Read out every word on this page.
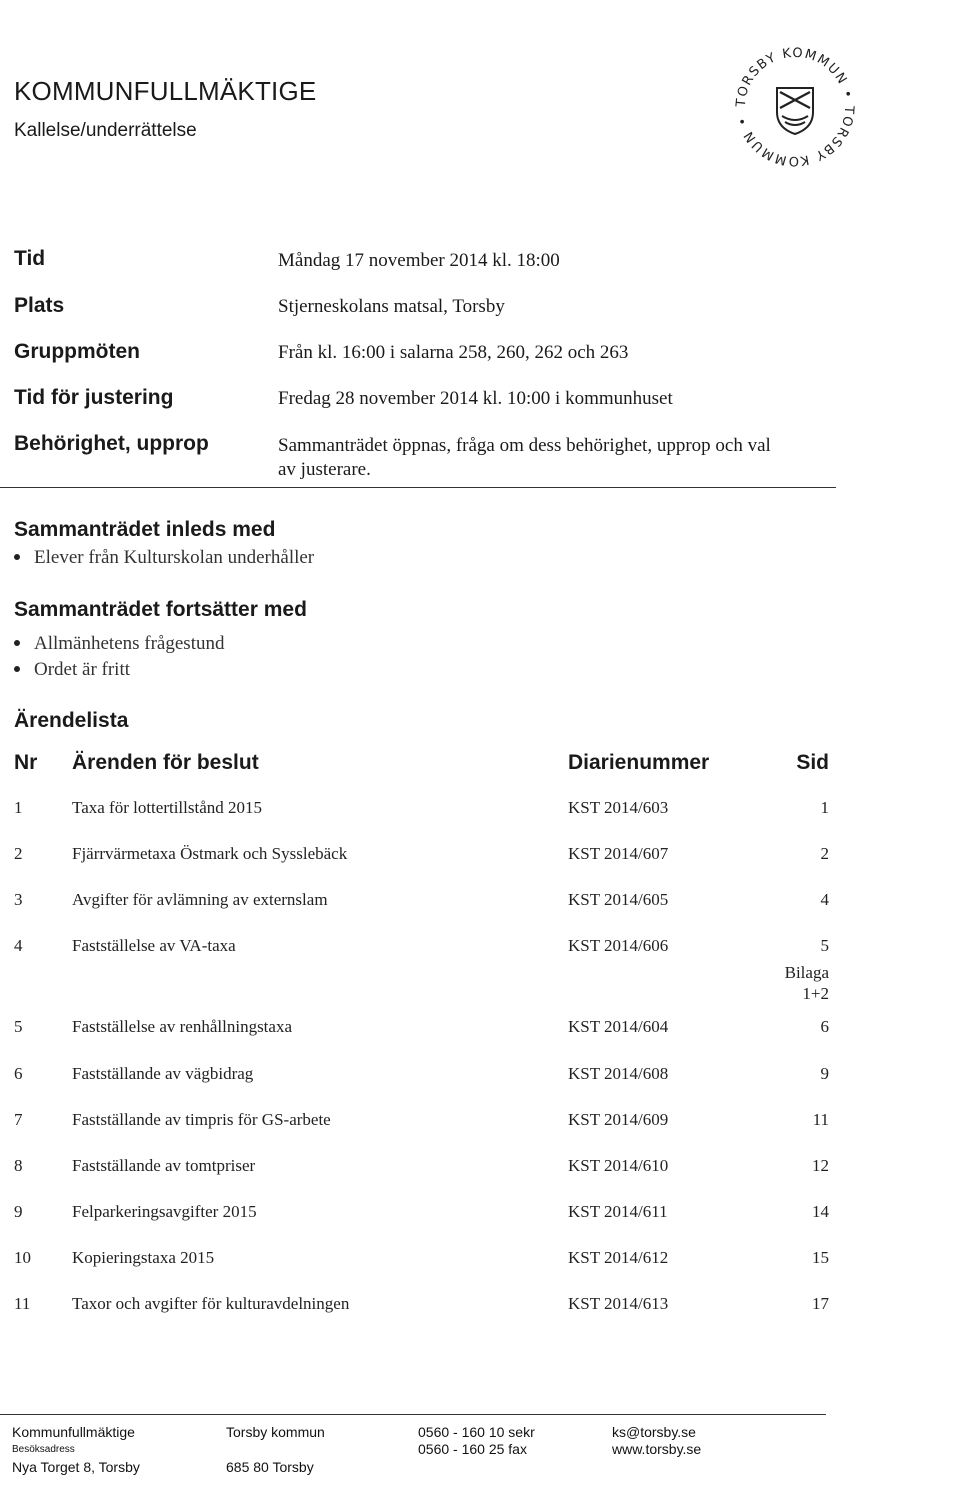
KOMMUNFULLMÄKTIGE
Kallelse/underrättelse
TORSBY KOMMUN • TORSBY KOMMUN •
Tid	Måndag 17 november 2014 kl. 18:00
Plats	Stjerneskolans matsal, Torsby
Gruppmöten	Från kl. 16:00 i salarna 258, 260, 262 och 263
Tid för justering	Fredag 28 november 2014 kl. 10:00 i kommunhuset
Behörighet, upprop	Sammanträdet öppnas, fråga om dess behörighet, upprop och val
av justerare.
Sammanträdet inleds med
Elever från Kulturskolan underhåller
Sammanträdet fortsätter med
Allmänhetens frågestund
Ordet är fritt
Ärendelista
Nr Ärenden för beslut	Diarienummer	Sid
1	Taxa för lottertillstånd 2015	KST 2014/603	1
2	Fjärrvärmetaxa Östmark och Sysslebäck	KST 2014/607	2
3	Avgifter för avlämning av externslam	KST 2014/605	4
4	Fastställelse av VA-taxa	KST 2014/606	5
Bilaga
1+2
5	Fastställelse av renhållningstaxa	KST 2014/604	6
6	Fastställande av vägbidrag	KST 2014/608	9
7	Fastställande av timpris för GS-arbete	KST 2014/609	11
8	Fastställande av tomtpriser	KST 2014/610	12
9	Felparkeringsavgifter 2015	KST 2014/611	14
10 Kopieringstaxa 2015	KST 2014/612	15
11 Taxor och avgifter för kulturavdelningen	KST 2014/613	17
Kommunfullmäktige
Besöksadress
Nya Torget 8, Torsby
Torsby kommun
685 80 Torsby
0560 - 160 10 sekr
0560 - 160 25 fax
ks@torsby.se
www.torsby.se
